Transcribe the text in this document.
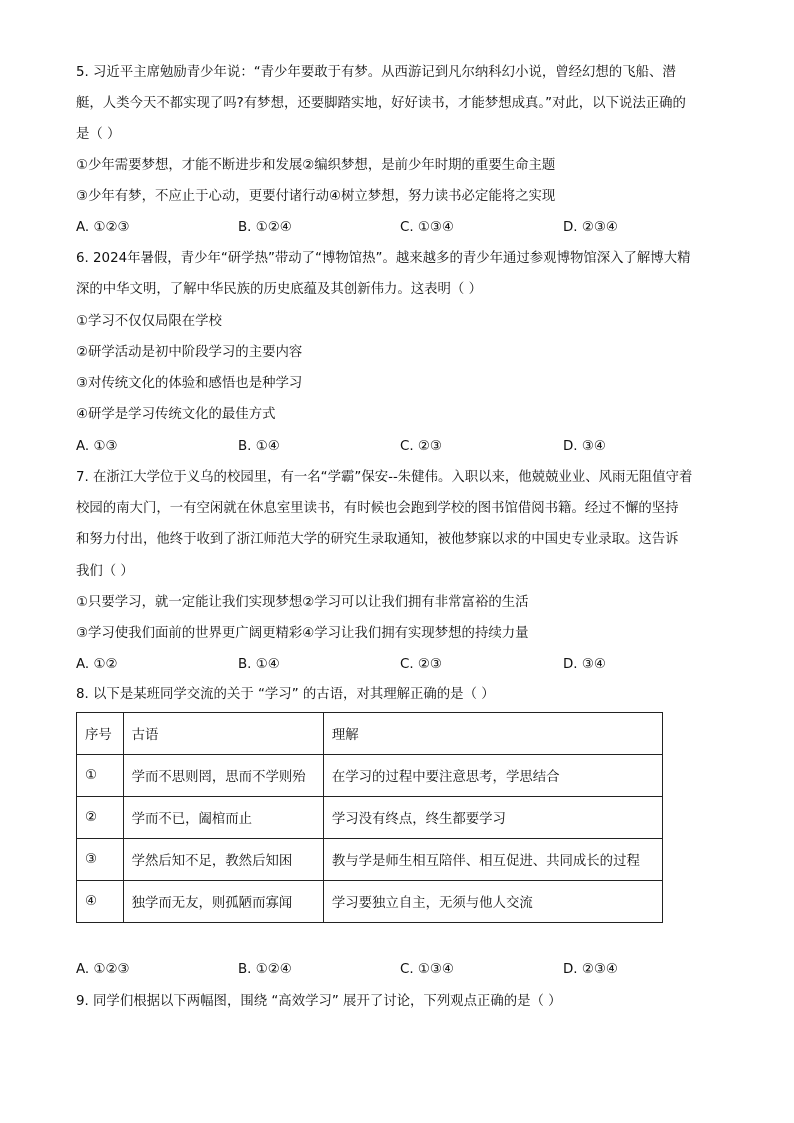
5. 习近平主席勉励青少年说：“青少年要敢于有梦。从西游记到凡尔纳科幻小说，曾经幻想的飞船、潜
艇，人类今天不都实现了吗?有梦想，还要脚踏实地，好好读书，才能梦想成真。”对此，以下说法正确的
是（ ）
①少年需要梦想，才能不断进步和发展②编织梦想，是前少年时期的重要生命主题
③少年有梦，不应止于心动，更要付诸行动④树立梦想，努力读书必定能将之实现
A. ①②③	B. ①②④	C. ①③④	D. ②③④
6. 2024年暑假，青少年“研学热”带动了“博物馆热”。越来越多的青少年通过参观博物馆深入了解博大精
深的中华文明，了解中华民族的历史底蕴及其创新伟力。这表明（ ）
①学习不仅仅局限在学校
②研学活动是初中阶段学习的主要内容
③对传统文化的体验和感悟也是种学习
④研学是学习传统文化的最佳方式
A. ①③	B. ①④	C. ②③	D. ③④
7. 在浙江大学位于义乌的校园里，有一名“学霸”保安--朱健伟。入职以来，他兢兢业业、风雨无阻值守着
校园的南大门，一有空闲就在休息室里读书，有时候也会跑到学校的图书馆借阅书籍。经过不懈的坚持
和努力付出，他终于收到了浙江师范大学的研究生录取通知，被他梦寐以求的中国史专业录取。这告诉
我们（ ）
①只要学习，就一定能让我们实现梦想②学习可以让我们拥有非常富裕的生活
③学习使我们面前的世界更广阔更精彩④学习让我们拥有实现梦想的持续力量
A. ①②	B. ①④	C. ②③	D. ③④
8. 以下是某班同学交流的关于 “学习” 的古语，对其理解正确的是（ ）
序号	古语	理解
①	学而不思则罔，思而不学则殆	在学习的过程中要注意思考，学思结合
②	学而不已，阖棺而止	学习没有终点，终生都要学习
③	学然后知不足，教然后知困	教与学是师生相互陪伴、相互促进、共同成长的过程
④	独学而无友，则孤陋而寡闻	学习要独立自主，无须与他人交流
A. ①②③	B. ①②④	C. ①③④	D. ②③④
9. 同学们根据以下两幅图，围绕 “高效学习” 展开了讨论，下列观点正确的是（ ）
